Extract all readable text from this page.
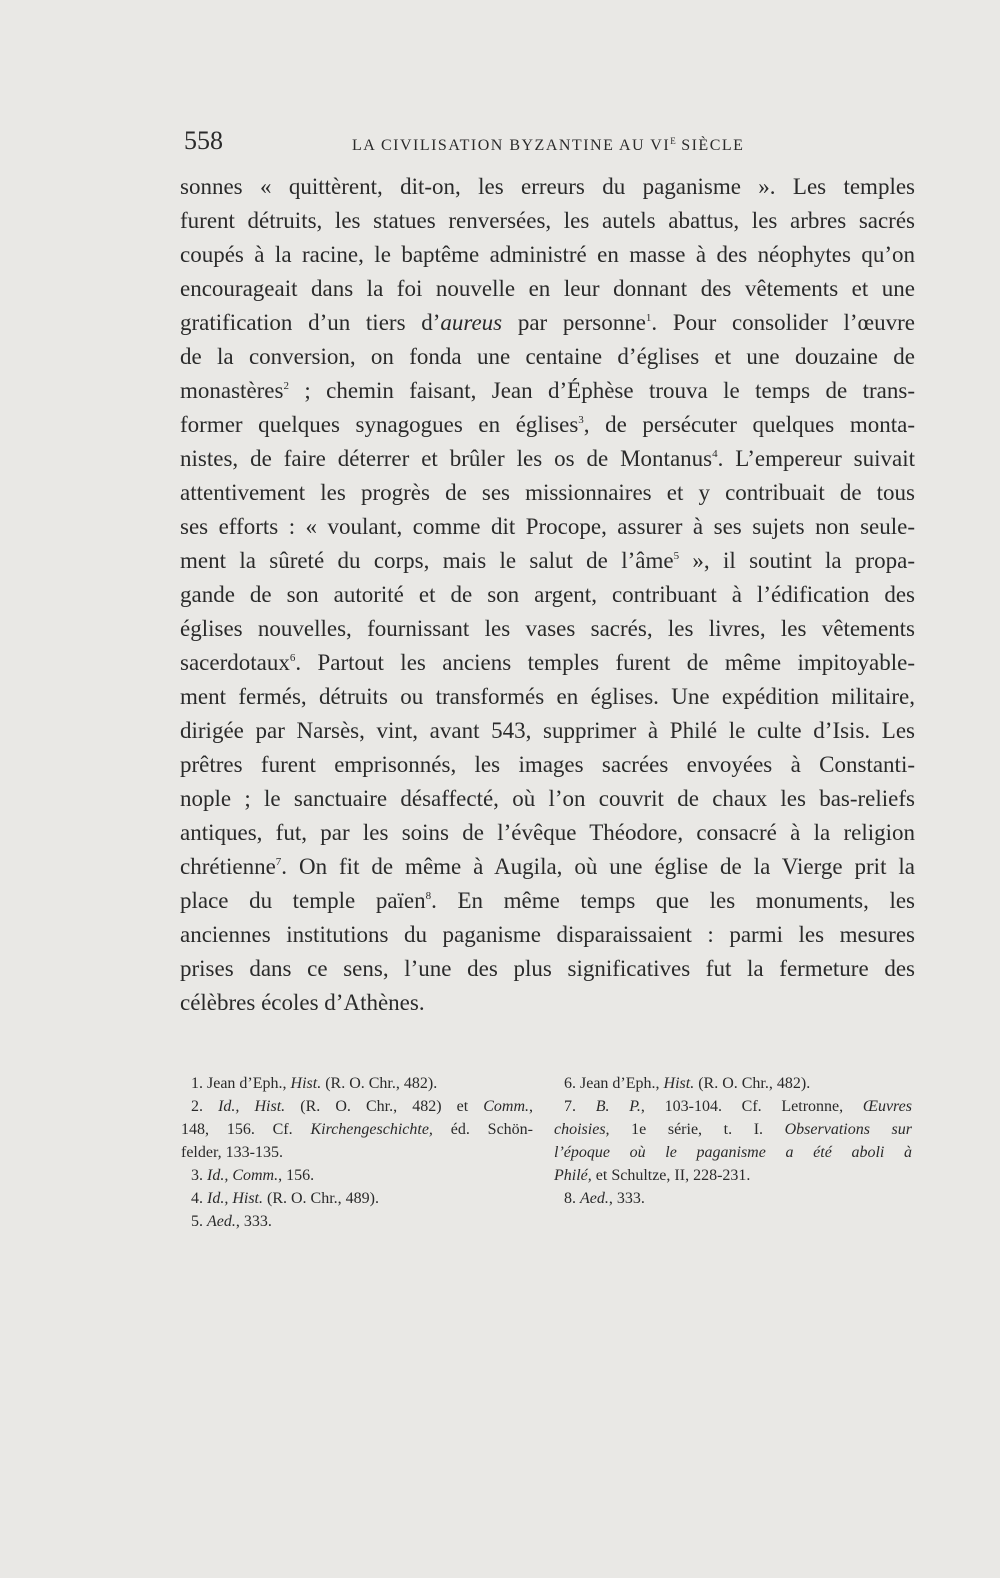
558	LA CIVILISATION BYZANTINE AU $VI^E$ SIÈCLE
sonnes « quittèrent, dit-on, les erreurs du paganisme ». Les temples
furent détruits, les statues renversées, les autels abattus, les arbres sacrés
coupés à la racine, le baptême administré en masse à des néophytes qu’on
encourageait dans la foi nouvelle en leur donnant des vêtements et une
gratification d’un tiers d’aureus par personne$^1$. Pour consolider l’œuvre
de la conversion, on fonda une centaine d’églises et une douzaine de
monastères$^2$ ; chemin faisant, Jean d’Éphèse trouva le temps de trans-
former quelques synagogues en églises$^3$, de persécuter quelques monta-
nistes, de faire déterrer et brûler les os de Montanus$^4$. L’empereur suivait
attentivement les progrès de ses missionnaires et y contribuait de tous
ses efforts : « voulant, comme dit Procope, assurer à ses sujets non seule-
ment la sûreté du corps, mais le salut de l’âme$^5$ », il soutint la propa-
gande de son autorité et de son argent, contribuant à l’édification des
églises nouvelles, fournissant les vases sacrés, les livres, les vêtements
sacerdotaux$^6$. Partout les anciens temples furent de même impitoyable-
ment fermés, détruits ou transformés en églises. Une expédition militaire,
dirigée par Narsès, vint, avant 543, supprimer à Philé le culte d’Isis. Les
prêtres furent emprisonnés, les images sacrées envoyées à Constanti-
nople ; le sanctuaire désaffecté, où l’on couvrit de chaux les bas-reliefs
antiques, fut, par les soins de l’évêque Théodore, consacré à la religion
chrétienne$^7$. On fit de même à Augila, où une église de la Vierge prit la
place du temple païen$^8$. En même temps que les monuments, les
anciennes institutions du paganisme disparaissaient : parmi les mesures
prises dans ce sens, l’une des plus significatives fut la fermeture des
célèbres écoles d’Athènes.
1. Jean d’Eph., Hist. (R. O. Chr., 482).
2. Id., Hist. (R. O. Chr., 482) et Comm.,
148, 156. Cf. Kirchengeschichte, éd. Schön-
felder, 133-135.
3. Id., Comm., 156.
4. Id., Hist. (R. O. Chr., 489).
5. Aed., 333.
6. Jean d’Eph., Hist. (R. O. Chr., 482).
7. B. P., 103-104. Cf. Letronne, Œuvres
choisies, 1e série, t. I. Observations sur
l’époque où le paganisme a été aboli à
Philé, et Schultze, II, 228-231.
8. Aed., 333.
